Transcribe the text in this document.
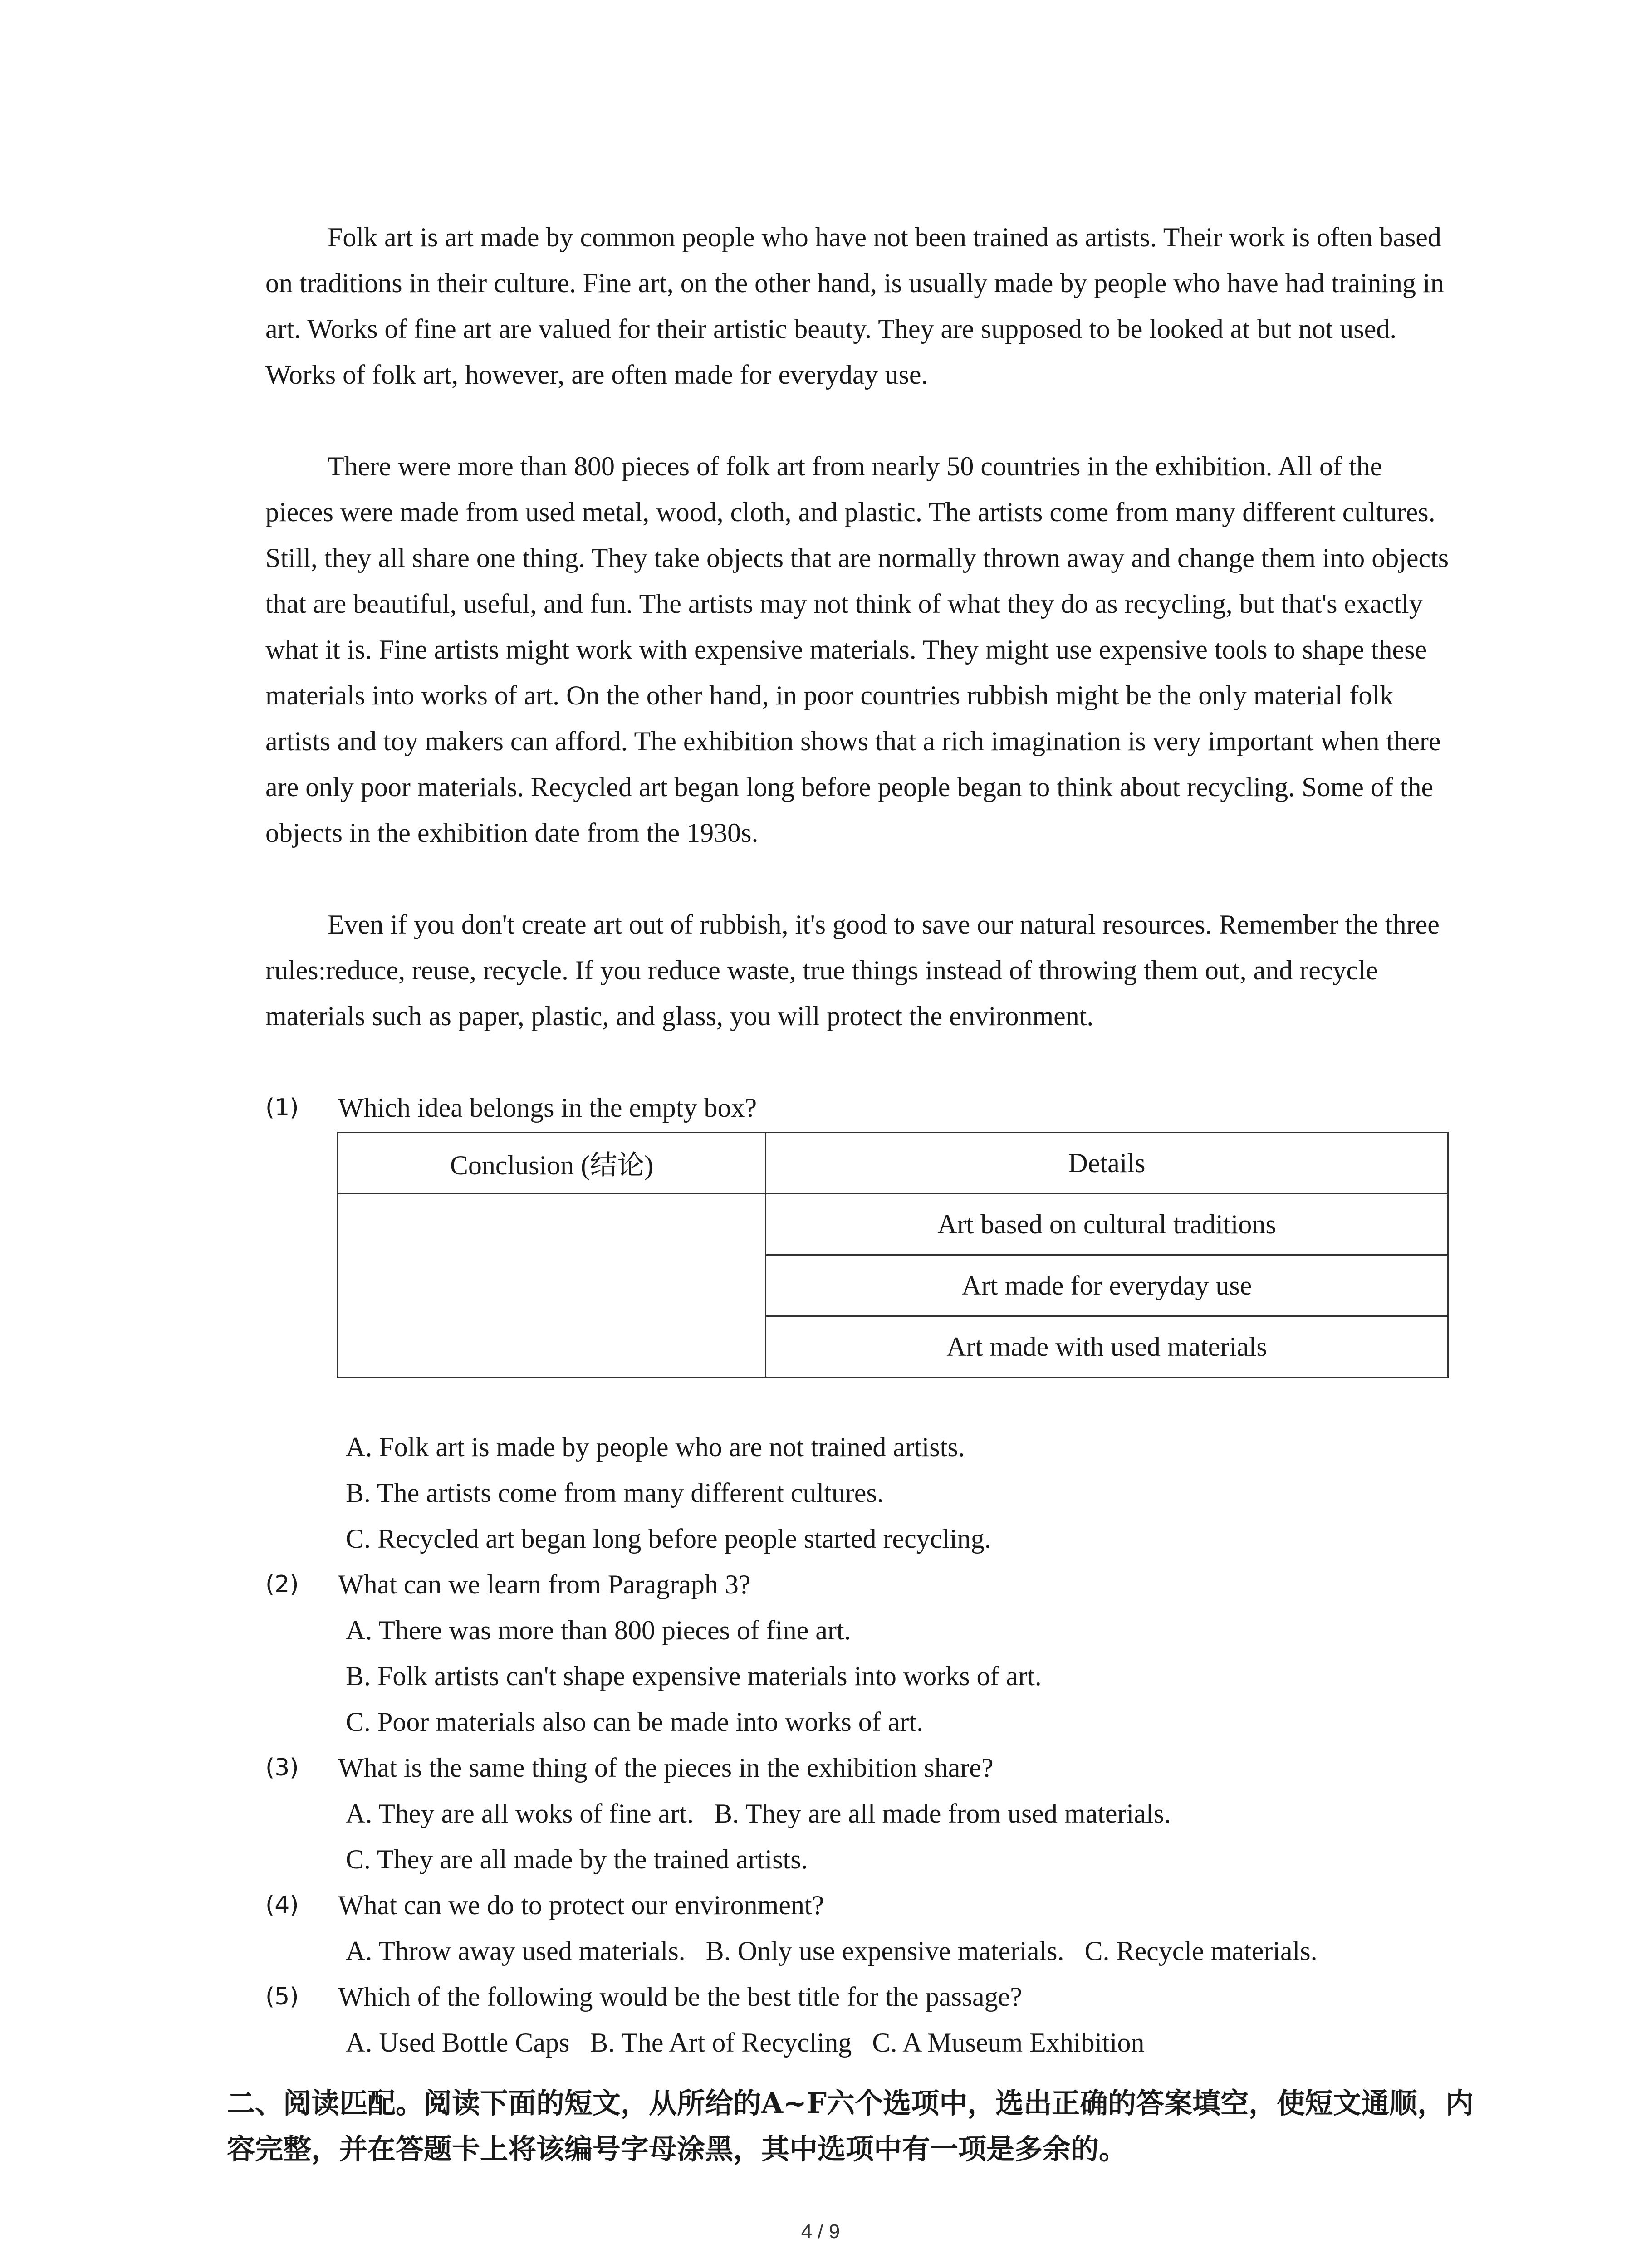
Folk art is art made by common people who have not been trained as artists. Their work is often based on traditions in their culture. Fine art, on the other hand, is usually made by people who have had training in art. Works of fine art are valued for their artistic beauty. They are supposed to be looked at but not used. Works of folk art, however, are often made for everyday use.

There were more than 800 pieces of folk art from nearly 50 countries in the exhibition. All of the pieces were made from used metal, wood, cloth, and plastic. The artists come from many different cultures. Still, they all share one thing. They take objects that are normally thrown away and change them into objects that are beautiful, useful, and fun. The artists may not think of what they do as recycling, but that's exactly what it is. Fine artists might work with expensive materials. They might use expensive tools to shape these materials into works of art. On the other hand, in poor countries rubbish might be the only material folk artists and toy makers can afford. The exhibition shows that a rich imagination is very important when there are only poor materials. Recycled art began long before people began to think about recycling. Some of the objects in the exhibition date from the 1930s.

Even if you don't create art out of rubbish, it's good to save our natural resources. Remember the three rules:reduce, reuse, recycle. If you reduce waste, true things instead of throwing them out, and recycle materials such as paper, plastic, and glass, you will protect the environment.

(1)	Which idea belongs in the empty box?
Conclusion (结论)	Details
	Art based on cultural traditions
	Art made for everyday use
	Art made with used materials
A. Folk art is made by people who are not trained artists.
B. The artists come from many different cultures.
C. Recycled art began long before people started recycling.
(2)	What can we learn from Paragraph 3?
A. There was more than 800 pieces of fine art.
B. Folk artists can't shape expensive materials into works of art.
C. Poor materials also can be made into works of art.
(3)	What is the same thing of the pieces in the exhibition share?
A. They are all woks of fine art.   B. They are all made from used materials.
C. They are all made by the trained artists.
(4)	What can we do to protect our environment?
A. Throw away used materials.   B. Only use expensive materials.   C. Recycle materials.
(5)	Which of the following would be the best title for the passage?
A. Used Bottle Caps   B. The Art of Recycling   C. A Museum Exhibition

二、阅读匹配。阅读下面的短文，从所给的A~F六个选项中，选出正确的答案填空，使短文通顺，内容完整，并在答题卡上将该编号字母涂黑，其中选项中有一项是多余的。

4 / 9
